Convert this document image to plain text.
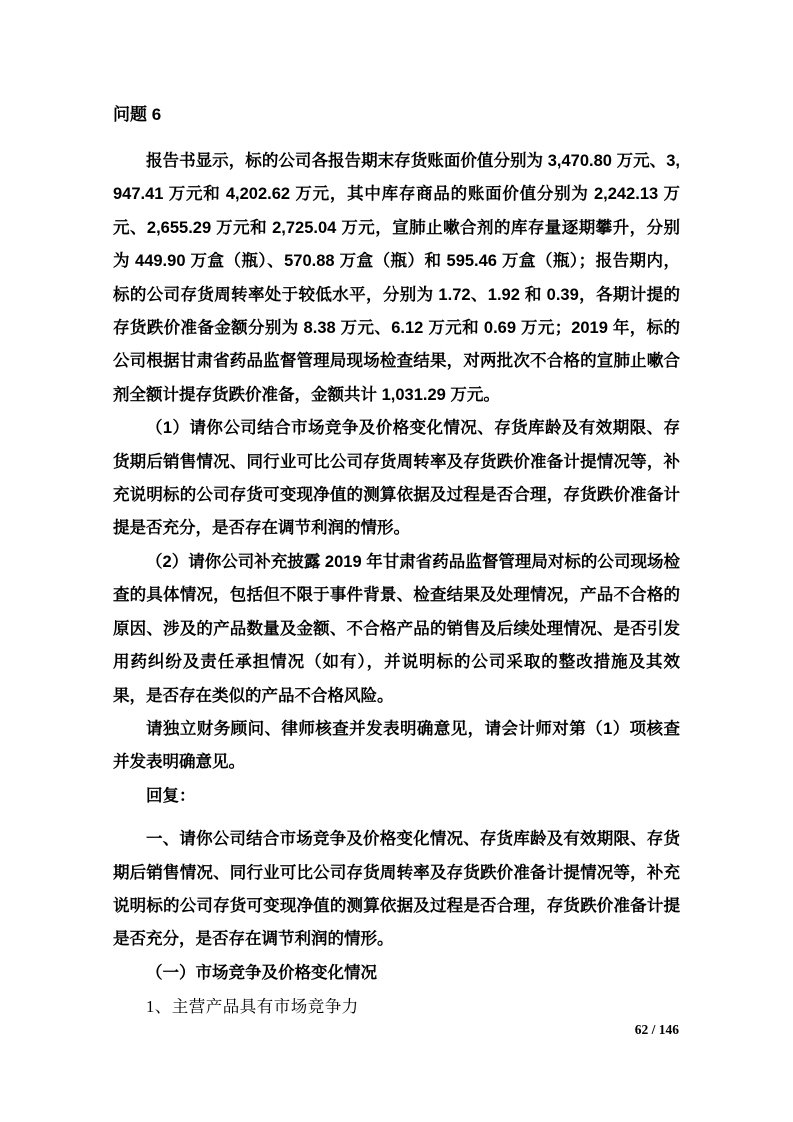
问题 6

报告书显示，标的公司各报告期末存货账面价值分别为 3,470.80 万元、3,947.41 万元和 4,202.62 万元，其中库存商品的账面价值分别为 2,242.13 万元、2,655.29 万元和 2,725.04 万元，宣肺止嗽合剂的库存量逐期攀升，分别为 449.90 万盒（瓶）、570.88 万盒（瓶）和 595.46 万盒（瓶）；报告期内，标的公司存货周转率处于较低水平，分别为 1.72、1.92 和 0.39，各期计提的存货跌价准备金额分别为 8.38 万元、6.12 万元和 0.69 万元；2019 年，标的公司根据甘肃省药品监督管理局现场检查结果，对两批次不合格的宣肺止嗽合剂全额计提存货跌价准备，金额共计 1,031.29 万元。

（1）请你公司结合市场竞争及价格变化情况、存货库龄及有效期限、存货期后销售情况、同行业可比公司存货周转率及存货跌价准备计提情况等，补充说明标的公司存货可变现净值的测算依据及过程是否合理，存货跌价准备计提是否充分，是否存在调节利润的情形。

（2）请你公司补充披露 2019 年甘肃省药品监督管理局对标的公司现场检查的具体情况，包括但不限于事件背景、检查结果及处理情况，产品不合格的原因、涉及的产品数量及金额、不合格产品的销售及后续处理情况、是否引发用药纠纷及责任承担情况（如有），并说明标的公司采取的整改措施及其效果，是否存在类似的产品不合格风险。

请独立财务顾问、律师核查并发表明确意见，请会计师对第（1）项核查并发表明确意见。

回复：

一、请你公司结合市场竞争及价格变化情况、存货库龄及有效期限、存货期后销售情况、同行业可比公司存货周转率及存货跌价准备计提情况等，补充说明标的公司存货可变现净值的测算依据及过程是否合理，存货跌价准备计提是否充分，是否存在调节利润的情形。

（一）市场竞争及价格变化情况

1、主营产品具有市场竞争力

62 / 146
